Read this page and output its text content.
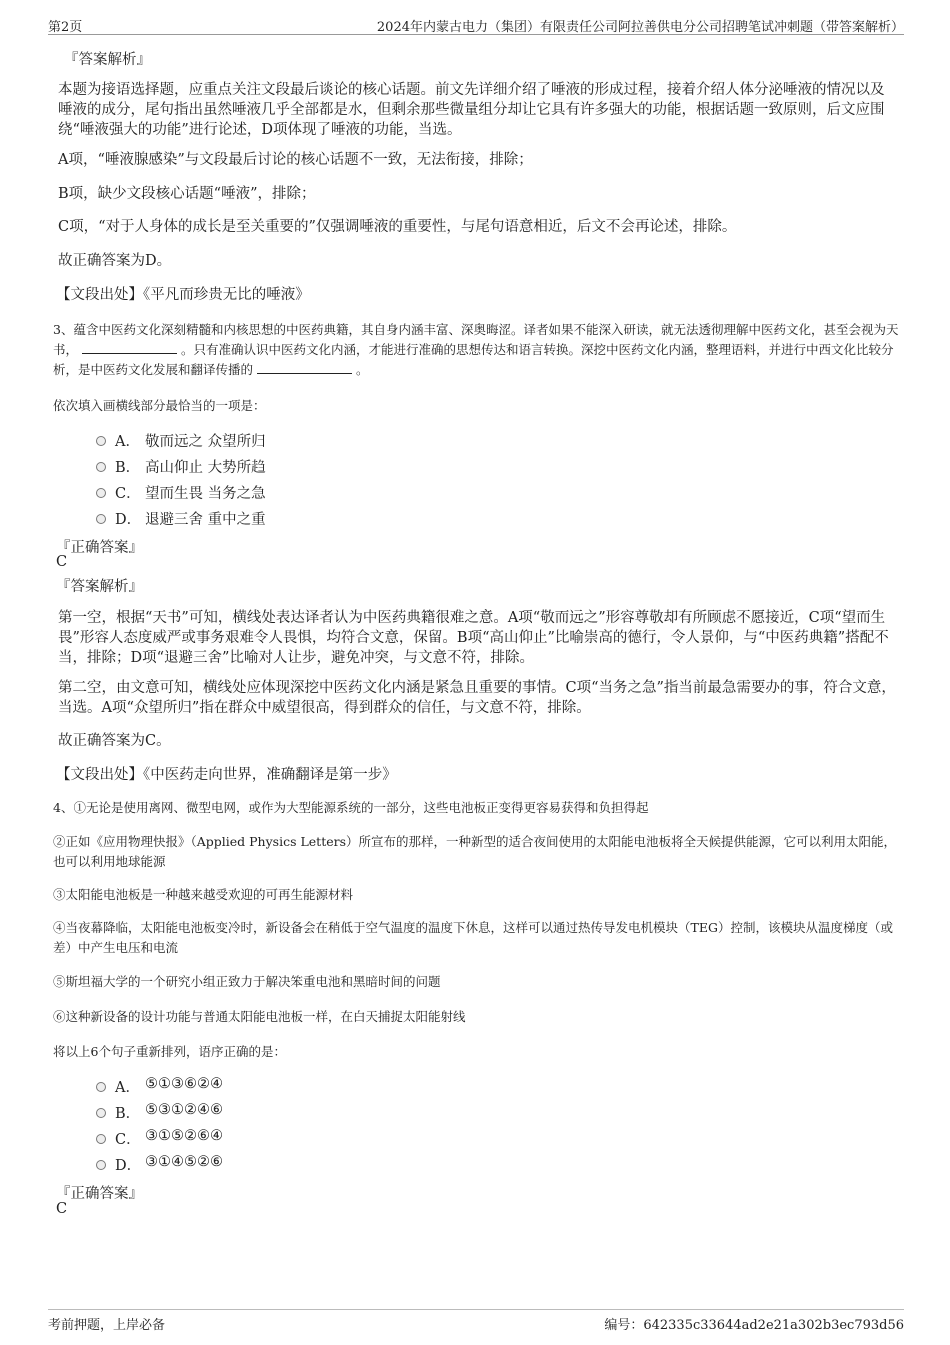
第2页	2024年内蒙古电力（集团）有限责任公司阿拉善供电分公司招聘笔试冲刺题（带答案解析）
『答案解析』
本题为接语选择题，应重点关注文段最后谈论的核心话题。前文先详细介绍了唾液的形成过程，接着介绍人体分泌唾液的情况以及唾液的成分，尾句指出虽然唾液几乎全部都是水，但剩余那些微量组分却让它具有许多强大的功能，根据话题一致原则，后文应围绕“唾液强大的功能”进行论述，D项体现了唾液的功能，当选。
A项，“唾液腺感染”与文段最后讨论的核心话题不一致，无法衔接，排除；
B项，缺少文段核心话题“唾液”，排除；
C项，“对于人身体的成长是至关重要的”仅强调唾液的重要性，与尾句语意相近，后文不会再论述，排除。
故正确答案为D。
【文段出处】《平凡而珍贵无比的唾液》
3、蕴含中医药文化深刻精髓和内核思想的中医药典籍，其自身内涵丰富、深奥晦涩。译者如果不能深入研读，就无法透彻理解中医药文化，甚至会视为天书，	。只有准确认识中医药文化内涵，才能进行准确的思想传达和语言转换。深挖中医药文化内涵，整理语料，并进行中西文化比较分析，是中医药文化发展和翻译传播的	。
依次填入画横线部分最恰当的一项是：
A． 敬而远之 众望所归
B． 高山仰止 大势所趋
C． 望而生畏 当务之急
D． 退避三舍 重中之重
『正确答案』
C
『答案解析』
第一空，根据“天书”可知，横线处表达译者认为中医药典籍很难之意。A项“敬而远之”形容尊敬却有所顾虑不愿接近，C项“望而生畏”形容人态度威严或事务艰难令人畏惧，均符合文意，保留。B项“高山仰止”比喻崇高的德行，令人景仰，与“中医药典籍”搭配不当，排除；D项“退避三舍”比喻对人让步，避免冲突，与文意不符，排除。
第二空，由文意可知，横线处应体现深挖中医药文化内涵是紧急且重要的事情。C项“当务之急”指当前最急需要办的事，符合文意，当选。A项“众望所归”指在群众中威望很高，得到群众的信任，与文意不符，排除。
故正确答案为C。
【文段出处】《中医药走向世界，准确翻译是第一步》
4、①无论是使用离网、微型电网，或作为大型能源系统的一部分，这些电池板正变得更容易获得和负担得起
②正如《应用物理快报》（Applied Physics Letters）所宣布的那样，一种新型的适合夜间使用的太阳能电池板将全天候提供能源，它可以利用太阳能，也可以利用地球能源
③太阳能电池板是一种越来越受欢迎的可再生能源材料
④当夜幕降临，太阳能电池板变冷时，新设备会在稍低于空气温度的温度下休息，这样可以通过热传导发电机模块（TEG）控制，该模块从温度梯度（或差）中产生电压和电流
⑤斯坦福大学的一个研究小组正致力于解决笨重电池和黑暗时间的问题
⑥这种新设备的设计功能与普通太阳能电池板一样，在白天捕捉太阳能射线
将以上6个句子重新排列，语序正确的是：
A． ⑤①③⑥②④
B． ⑤③①②④⑥
C． ③①⑤②⑥④
D． ③①④⑤②⑥
『正确答案』
C
考前押题，上岸必备	编号：642335c33644ad2e21a302b3ec793d56
